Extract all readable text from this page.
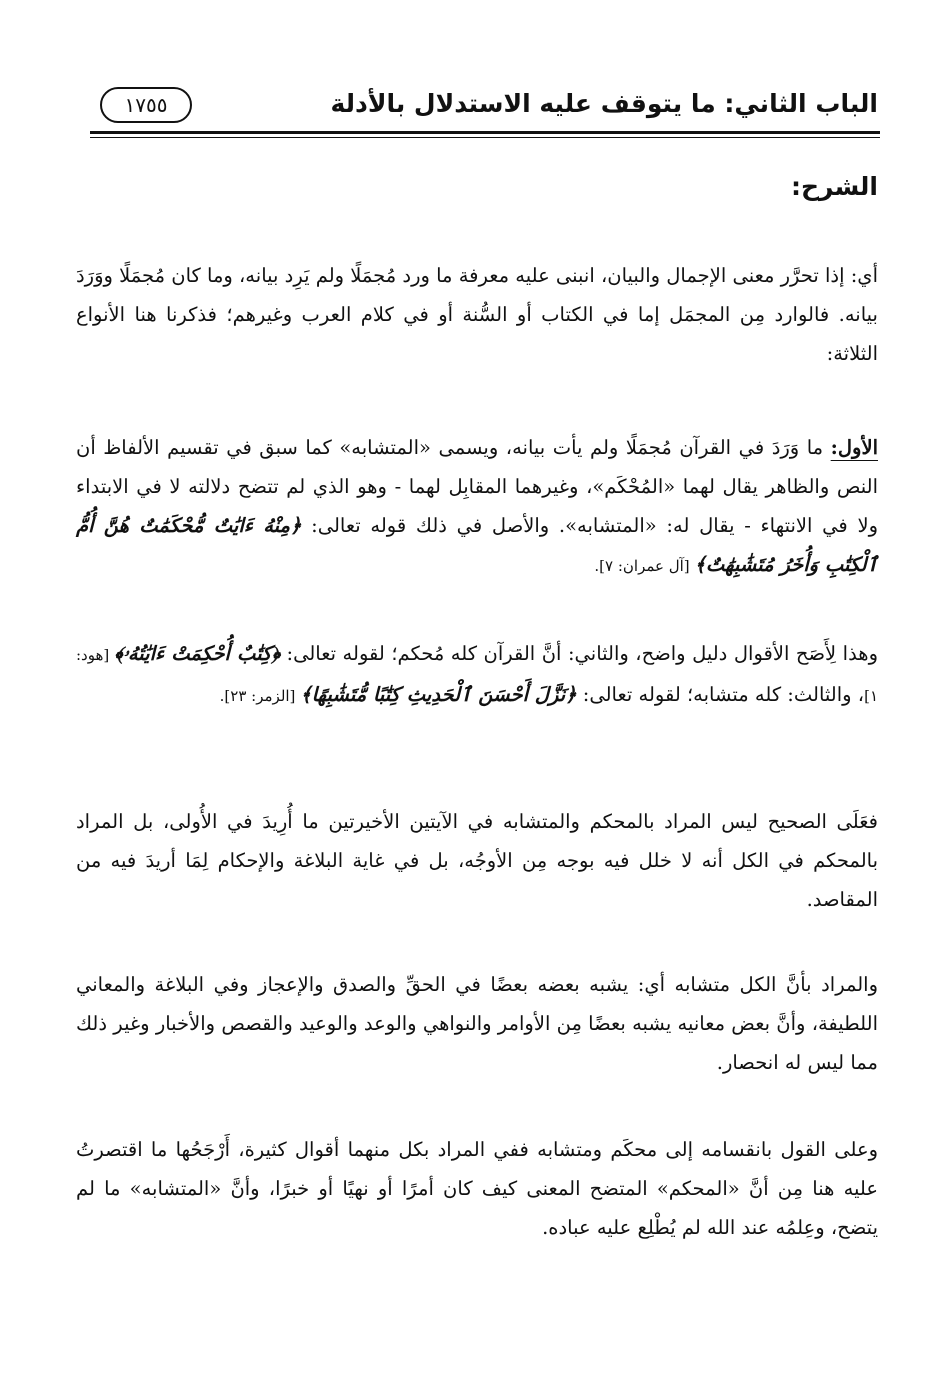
الباب الثاني: ما يتوقف عليه الاستدلال بالأدلة
١٧٥٥
الشرح:

أي: إذا تحرَّر معنى الإجمال والبيان، انبنى عليه معرفة ما ورد مُجمَلًا ولم يَرِد بيانه، وما كان مُجمَلًا ووَرَدَ بيانه. فالوارد مِن المجمَل إما في الكتاب أو السُّنة أو في كلام العرب وغيرهم؛ فذكرنا هنا الأنواع الثلاثة:

الأول: ما وَرَدَ في القرآن مُجمَلًا ولم يأت بيانه، ويسمى «المتشابه» كما سبق في تقسيم الألفاظ أن النص والظاهر يقال لهما «المُحْكَم»، وغيرهما المقابِل لهما - وهو الذي لم تتضح دلالته لا في الابتداء ولا في الانتهاء - يقال له: «المتشابه». والأصل في ذلك قوله تعالى: ﴿مِنْهُ ءَايَٰتٌ مُّحْكَمَٰتٌ هُنَّ أُمُّ ٱلْكِتَٰبِ وَأُخَرُ مُتَشَٰبِهَٰتٌ﴾ [آل عمران: ٧].

وهذا لِأَصَح الأقوال دليل واضح، والثاني: أنَّ القرآن كله مُحكم؛ لقوله تعالى: ﴿كِتَٰبٌ أُحْكِمَتْ ءَايَٰتُهُۥ﴾ [هود: ١]، والثالث: كله متشابه؛ لقوله تعالى: ﴿نَزَّلَ أَحْسَنَ ٱلْحَدِيثِ كِتَٰبًا مُّتَشَٰبِهًا﴾ [الزمر: ٢٣].

فعَلَى الصحيح ليس المراد بالمحكم والمتشابه في الآيتين الأخيرتين ما أُرِيدَ في الأُولى، بل المراد بالمحكم في الكل أنه لا خلل فيه بوجه مِن الأوجُه، بل في غاية البلاغة والإحكام لِمَا أريدَ فيه من المقاصد.

والمراد بأنَّ الكل متشابه أي: يشبه بعضه بعضًا في الحقِّ والصدق والإعجاز وفي البلاغة والمعاني اللطيفة، وأنَّ بعض معانيه يشبه بعضًا مِن الأوامر والنواهي والوعد والوعيد والقصص والأخبار وغير ذلك مما ليس له انحصار.

وعلى القول بانقسامه إلى محكَم ومتشابه ففي المراد بكل منهما أقوال كثيرة، أَرْجَحُها ما اقتصرتُ عليه هنا مِن أنَّ «المحكم» المتضح المعنى كيف كان أمرًا أو نهيًا أو خبرًا، وأنَّ «المتشابه» ما لم يتضح، وعِلمُه عند الله لم يُطْلِع عليه عباده.
